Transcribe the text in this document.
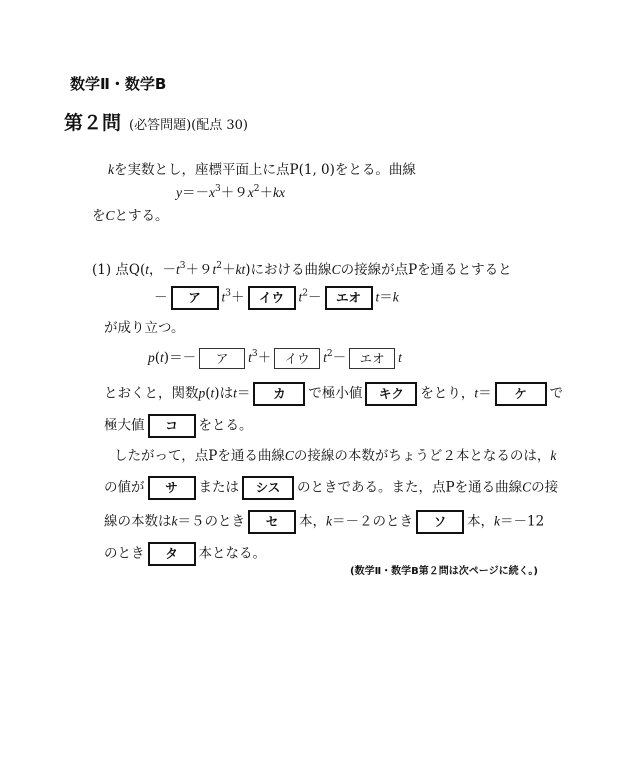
数学Ⅱ・数学B
第２問 (必答問題)(配点 30)
kを実数とし，座標平面上に点P(1, 0)をとる。曲線
$y=-x^3+9x^2+kx$
をCとする。
(1) 点Q(t，$-t^3+9t^2+kt$)における曲線Cの接線が点Pを通るとすると
－ ア $t^3+$ イウ $t^2-$ エオ t＝k
が成り立つ。
p(t)＝－ ア $t^3+$ イウ $t^2-$ エオ t
とおくと，関数p(t)はt＝ カ で極小値 キク をとり，t＝ ケ で
極大値 コ をとる。
したがって，点Pを通る曲線Cの接線の本数がちょうど２本となるのは，k
の値が サ または シス のときである。また，点Pを通る曲線Cの接
線の本数はk＝５のとき セ 本，k＝－２のとき ソ 本，k＝－12
のとき タ 本となる。
(数学Ⅱ・数学B第２問は次ページに続く。)
